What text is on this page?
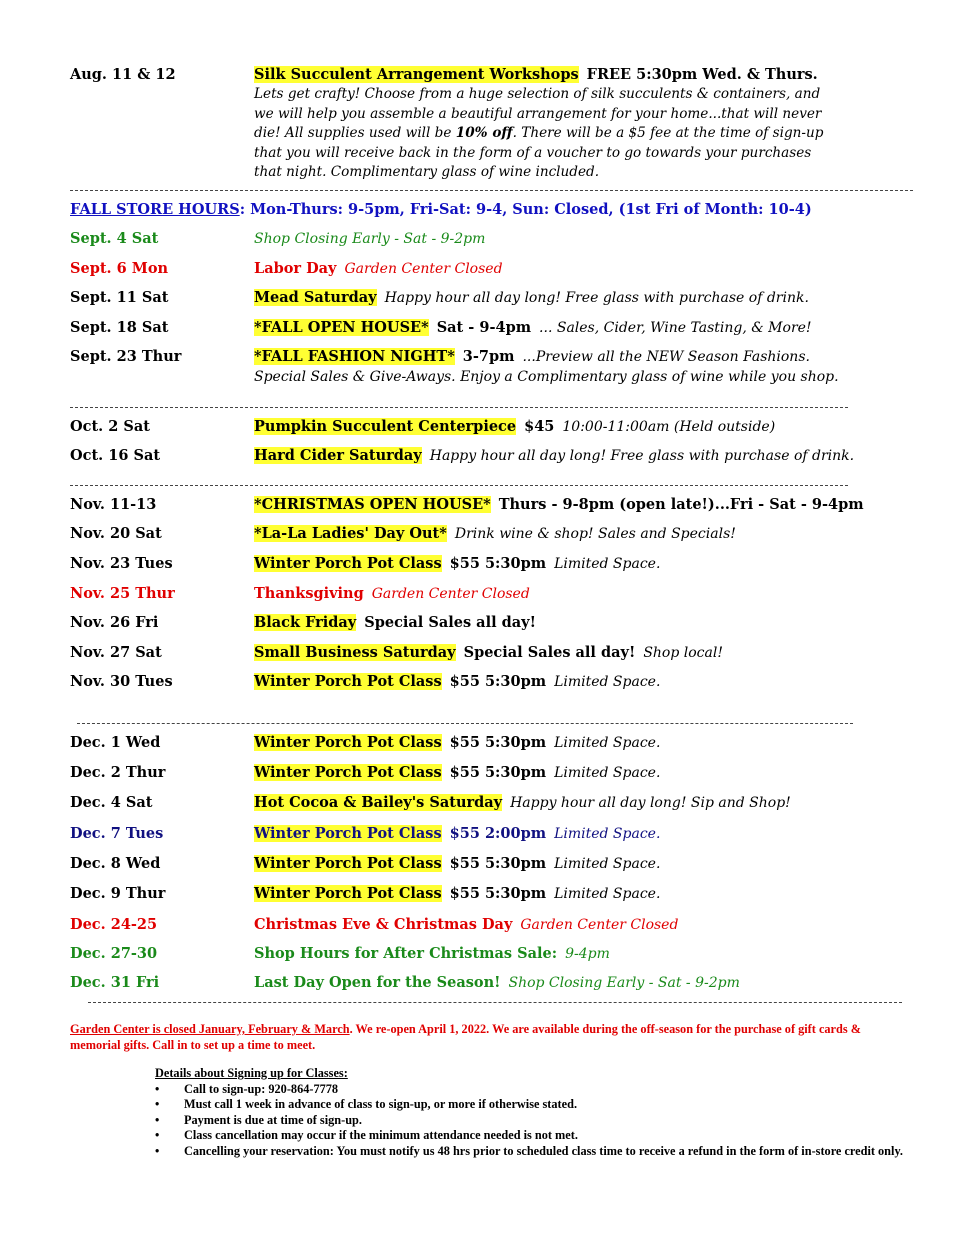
Aug. 11 & 12	Silk Succulent Arrangement Workshops FREE 5:30pm Wed. & Thurs.
Lets get crafty! Choose from a huge selection of silk succulents & containers, and
we will help you assemble a beautiful arrangement for your home...that will never
die! All supplies used will be 10% off. There will be a $5 fee at the time of sign-up
that you will receive back in the form of a voucher to go towards your purchases
that night. Complimentary glass of wine included.
FALL STORE HOURS: Mon-Thurs: 9-5pm, Fri-Sat: 9-4, Sun: Closed, (1st Fri of Month: 10-4)
Sept. 4 Sat	Shop Closing Early - Sat - 9-2pm
Sept. 6 Mon	Labor Day Garden Center Closed
Sept. 11 Sat	Mead Saturday Happy hour all day long! Free glass with purchase of drink.
Sept. 18 Sat	*FALL OPEN HOUSE* Sat - 9-4pm ... Sales, Cider, Wine Tasting, & More!
Sept. 23 Thur	*FALL FASHION NIGHT* 3-7pm ...Preview all the NEW Season Fashions.
Special Sales & Give-Aways. Enjoy a Complimentary glass of wine while you shop.
Oct. 2 Sat	Pumpkin Succulent Centerpiece $45 10:00-11:00am (Held outside)
Oct. 16 Sat	Hard Cider Saturday Happy hour all day long! Free glass with purchase of drink.
Nov. 11-13	*CHRISTMAS OPEN HOUSE* Thurs - 9-8pm (open late!)...Fri - Sat - 9-4pm
Nov. 20 Sat	*La-La Ladies' Day Out* Drink wine & shop! Sales and Specials!
Nov. 23 Tues	Winter Porch Pot Class $55 5:30pm Limited Space.
Nov. 25 Thur	Thanksgiving Garden Center Closed
Nov. 26 Fri	Black Friday Special Sales all day!
Nov. 27 Sat	Small Business Saturday Special Sales all day! Shop local!
Nov. 30 Tues	Winter Porch Pot Class $55 5:30pm Limited Space.
Dec. 1 Wed	Winter Porch Pot Class $55 5:30pm Limited Space.
Dec. 2 Thur	Winter Porch Pot Class $55 5:30pm Limited Space.
Dec. 4 Sat	Hot Cocoa & Bailey's Saturday Happy hour all day long! Sip and Shop!
Dec. 7 Tues	Winter Porch Pot Class $55 2:00pm Limited Space.
Dec. 8 Wed	Winter Porch Pot Class $55 5:30pm Limited Space.
Dec. 9 Thur	Winter Porch Pot Class $55 5:30pm Limited Space.
Dec. 24-25	Christmas Eve & Christmas Day Garden Center Closed
Dec. 27-30	Shop Hours for After Christmas Sale: 9-4pm
Dec. 31 Fri	Last Day Open for the Season! Shop Closing Early - Sat - 9-2pm
Garden Center is closed January, February & March. We re-open April 1, 2022. We are available during the off-season for the purchase of gift cards & memorial gifts. Call in to set up a time to meet.
Details about Signing up for Classes:
• Call to sign-up: 920-864-7778
• Must call 1 week in advance of class to sign-up, or more if otherwise stated.
• Payment is due at time of sign-up.
• Class cancellation may occur if the minimum attendance needed is not met.
• Cancelling your reservation: You must notify us 48 hrs prior to scheduled class time to receive a refund in the form of in-store credit only.
